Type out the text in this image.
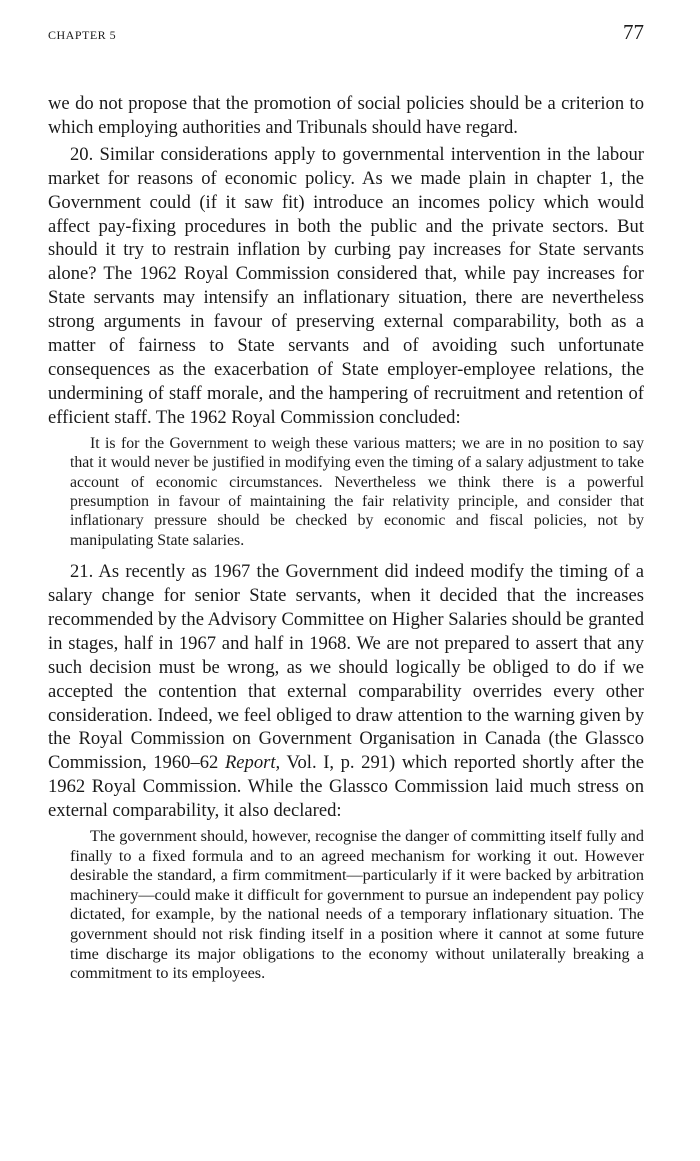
CHAPTER 5	77

we do not propose that the promotion of social policies should be a criterion to which employing authorities and Tribunals should have regard.

20. Similar considerations apply to governmental intervention in the labour market for reasons of economic policy. As we made plain in chapter 1, the Government could (if it saw fit) introduce an incomes policy which would affect pay-fixing procedures in both the public and the private sectors. But should it try to restrain inflation by curbing pay increases for State servants alone? The 1962 Royal Commission considered that, while pay increases for State servants may intensify an inflationary situation, there are nevertheless strong arguments in favour of preserving external comparability, both as a matter of fairness to State servants and of avoiding such unfortunate consequences as the exacerbation of State employer-employee relations, the undermining of staff morale, and the hampering of recruitment and retention of efficient staff. The 1962 Royal Commission concluded:

It is for the Government to weigh these various matters; we are in no position to say that it would never be justified in modifying even the timing of a salary adjustment to take account of economic circumstances. Nevertheless we think there is a powerful presumption in favour of maintaining the fair relativity principle, and consider that inflationary pressure should be checked by economic and fiscal policies, not by manipulating State salaries.

21. As recently as 1967 the Government did indeed modify the timing of a salary change for senior State servants, when it decided that the increases recommended by the Advisory Committee on Higher Salaries should be granted in stages, half in 1967 and half in 1968. We are not prepared to assert that any such decision must be wrong, as we should logically be obliged to do if we accepted the contention that external comparability overrides every other consideration. Indeed, we feel obliged to draw attention to the warning given by the Royal Commission on Government Organisation in Canada (the Glassco Commission, 1960–62 Report, Vol. I, p. 291) which reported shortly after the 1962 Royal Commission. While the Glassco Commission laid much stress on external comparability, it also declared:

The government should, however, recognise the danger of committing itself fully and finally to a fixed formula and to an agreed mechanism for working it out. However desirable the standard, a firm commitment—particularly if it were backed by arbitration machinery—could make it difficult for government to pursue an independent pay policy dictated, for example, by the national needs of a temporary inflationary situation. The government should not risk finding itself in a position where it cannot at some future time discharge its major obligations to the economy without unilaterally breaking a commitment to its employees.
